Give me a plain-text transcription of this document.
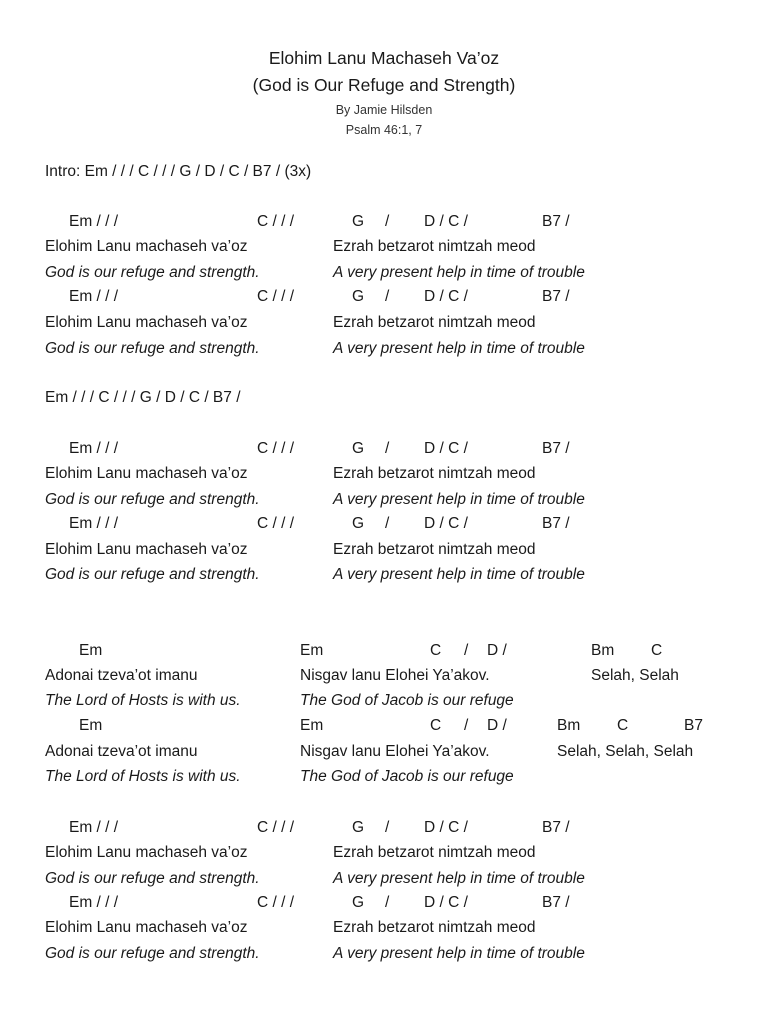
Elohim Lanu Machaseh Va’oz
(God is Our Refuge and Strength)
By Jamie Hilsden
Psalm 46:1, 7
Intro: Em / / / C / / / G / D / C / B7 / (3x)
Em / / /	C / / /	G / D / C /	B7 /
Elohim Lanu machaseh va’oz	Ezrah betzarot nimtzah meod
God is our refuge and strength.	A very present help in time of trouble
Em / / /	C / / /	G / D / C /	B7 /
Elohim Lanu machaseh va’oz	Ezrah betzarot nimtzah meod
God is our refuge and strength.	A very present help in time of trouble
Em / / / C / / / G / D / C / B7 /
Em / / /	C / / /	G / D / C /	B7 /
Elohim Lanu machaseh va’oz	Ezrah betzarot nimtzah meod
God is our refuge and strength.	A very present help in time of trouble
Em / / /	C / / /	G / D / C /	B7 /
Elohim Lanu machaseh va’oz	Ezrah betzarot nimtzah meod
God is our refuge and strength.	A very present help in time of trouble
Em	Em	C / D /	Bm C
Adonai tzeva’ot imanu	Nisgav lanu Elohei Ya’akov.	Selah, Selah
The Lord of Hosts is with us.	The God of Jacob is our refuge
Em	Em	C / D /	Bm C	B7
Adonai tzeva’ot imanu	Nisgav lanu Elohei Ya’akov.	Selah, Selah, Selah
The Lord of Hosts is with us.	The God of Jacob is our refuge
Em / / /	C / / /	G / D / C /	B7 /
Elohim Lanu machaseh va’oz	Ezrah betzarot nimtzah meod
God is our refuge and strength.	A very present help in time of trouble
Em / / /	C / / /	G / D / C /	B7 /
Elohim Lanu machaseh va’oz	Ezrah betzarot nimtzah meod
God is our refuge and strength.	A very present help in time of trouble
